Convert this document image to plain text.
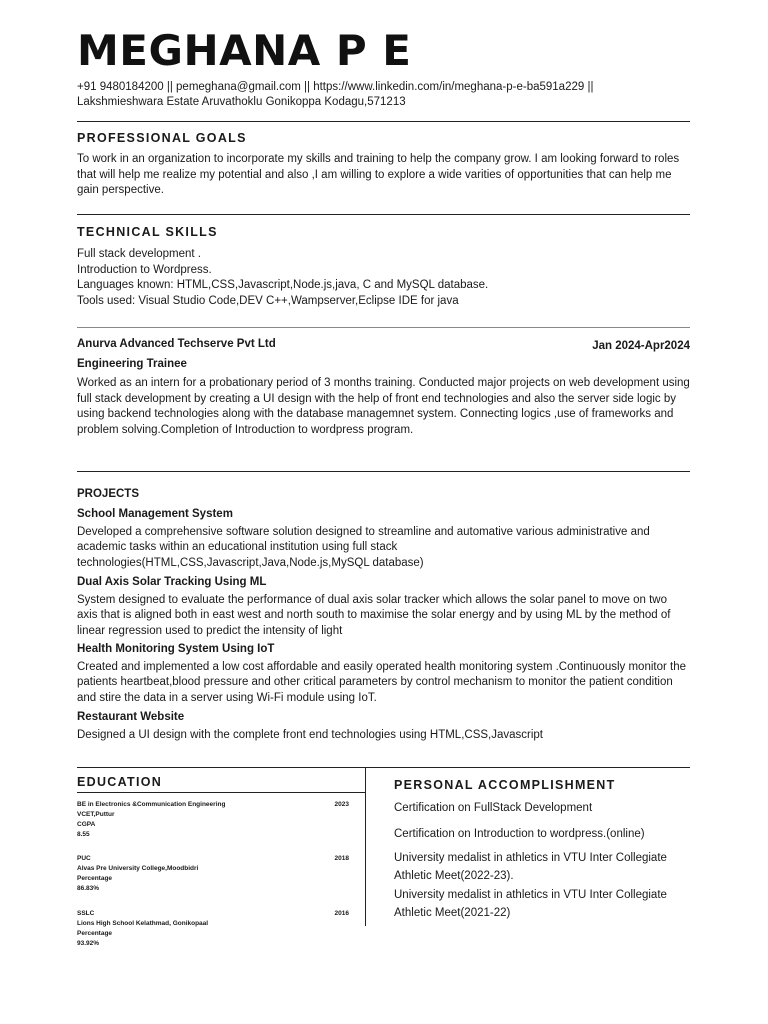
MEGHANA P E
+91 9480184200 || pemeghana@gmail.com || https://www.linkedin.com/in/meghana-p-e-ba591a229 ||
Lakshmieshwara Estate Aruvathoklu Gonikoppa Kodagu,571213
PROFESSIONAL GOALS

To work in an organization to incorporate my skills and training to help the company grow. I am looking forward to roles that will help me realize my potential and also ,I am willing to explore a wide varities of opportunities that can help me gain perspective.

TECHNICAL SKILLS

Full stack development .

Introduction to Wordpress.

Languages known: HTML,CSS,Javascript,Node.js,java, C and MySQL database.

Tools used: Visual Studio Code,DEV C++,Wampserver,Eclipse IDE for java

Anurva Advanced Techserve Pvt Ltd	Jan 2024-Apr2024
Engineering Trainee

Worked as an intern for a probationary period of 3 months training. Conducted major projects on web development using full stack development by creating a UI design with the help of front end technologies and also the server side logic by using backend technologies along with the database managemnet system. Connecting logics ,use of frameworks and problem solving.Completion of Introduction to wordpress program.

PROJECTS
School Management System

Developed a comprehensive software solution designed to streamline and automative various administrative and academic tasks within an educational institution using full stack technologies(HTML,CSS,Javascript,Java,Node.js,MySQL database)

Dual Axis Solar Tracking Using ML

System designed to evaluate the performance of dual axis solar tracker which allows the solar panel to move on two axis that is aligned both in east west and north south to maximise the solar energy and by using ML by the method of linear regression used to predict the intensity of light

Health Monitoring System Using IoT

Created and implemented a low cost affordable and easily operated health monitoring system .Continuously monitor the patients heartbeat,blood pressure and other critical parameters by control mechanism to monitor the patient condition and stire the data in a server using Wi-Fi module using IoT.

Restaurant Website

Designed a UI design with the complete front end technologies using HTML,CSS,Javascript

EDUCATION
BE in Electronics &Communication Engineering	2023
VCET,Puttur
CGPA
8.55
PUC	2018
Alvas Pre University College,Moodbidri
Percentage
86.83%
SSLC	2016
Lions High School Kelathmad, Gonikopaal
Percentage
93.92%
PERSONAL ACCOMPLISHMENT
Certification on FullStack Development
Certification on Introduction to wordpress.(online)
University medalist in athletics in VTU Inter Collegiate Athletic Meet(2022-23).
University medalist in athletics in VTU Inter Collegiate Athletic Meet(2021-22)
